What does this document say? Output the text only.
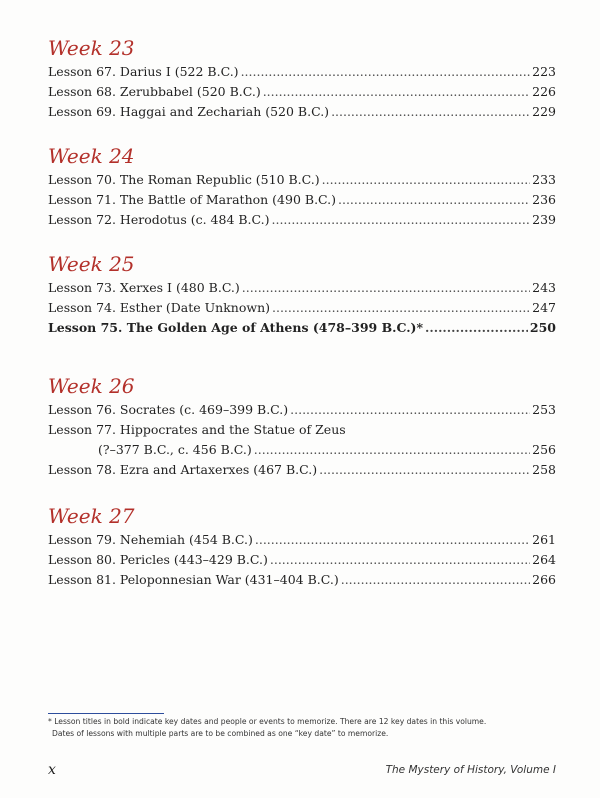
Week 23
Lesson 67. Darius I (522 B.C.) .....	223
Lesson 68. Zerubbabel (520 B.C.) .....	226
Lesson 69. Haggai and Zechariah (520 B.C.) .....	229
Week 24
Lesson 70. The Roman Republic (510 B.C.) .....	233
Lesson 71. The Battle of Marathon (490 B.C.) .....	236
Lesson 72. Herodotus (c. 484 B.C.) .....	239
Week 25
Lesson 73. Xerxes I (480 B.C.) .....	243
Lesson 74. Esther (Date Unknown) .....	247
Lesson 75. The Golden Age of Athens (478–399 B.C.)* .....	250
Week 26
Lesson 76. Socrates (c. 469–399 B.C.) .....	253
Lesson 77. Hippocrates and the Statue of Zeus
(?–377 B.C., c. 456 B.C.) .....	256
Lesson 78. Ezra and Artaxerxes (467 B.C.) .....	258
Week 27
Lesson 79. Nehemiah (454 B.C.) .....	261
Lesson 80. Pericles (443–429 B.C.) .....	264
Lesson 81. Peloponnesian War (431–404 B.C.) .....	266
* Lesson titles in bold indicate key dates and people or events to memorize. There are 12 key dates in this volume.
Dates of lessons with multiple parts are to be combined as one “key date” to memorize.
x	The Mystery of History, Volume I
